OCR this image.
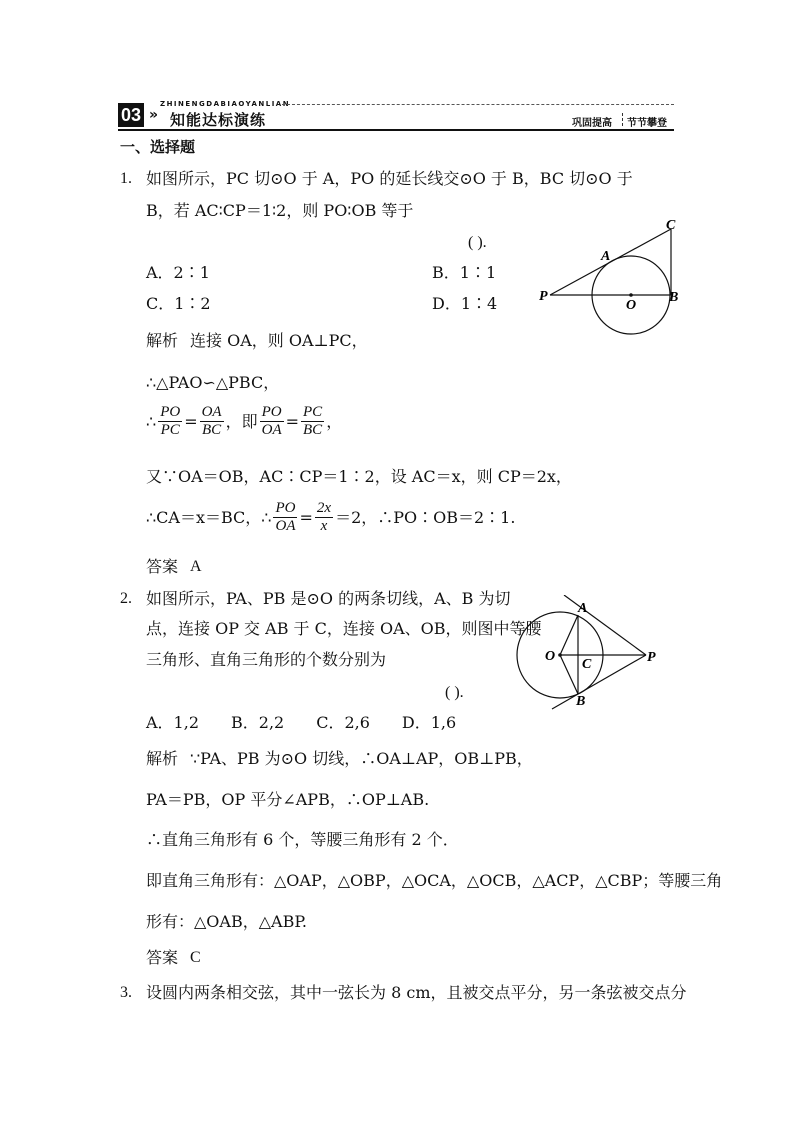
03 »
ZHINENGDABIAOYANLIAN
知能达标演练	巩固提高 节节攀登
一、选择题
1. 如图所示，PC 切⊙O 于 A，PO 的延长线交⊙O 于 B，BC 切⊙O 于
B，若 AC∶CP＝1∶2，则 PO∶OB 等于
( ).
A．2∶1	B．1∶1
C．1∶2	D．1∶4
C
A
P
O
B
解析 连接 OA，则 OA⊥PC，
∴△PAO∽△PBC，
∴ $\frac{PO}{PC} = \frac{OA}{BC}$ ，即 $\frac{PO}{OA} = \frac{PC}{BC}$ ，
又∵OA＝OB，AC∶CP＝1∶2，设 AC＝x，则 CP＝2x，
∴CA＝x＝BC，∴ $\frac{PO}{OA} = \frac{2x}{x} =2$，∴PO∶OB＝2∶1.
答案 A
2. 如图所示，PA、PB 是⊙O 的两条切线，A、B 为切
点，连接 OP 交 AB 于 C，连接 OA、OB，则图中等腰
三角形、直角三角形的个数分别为
( ).
A．1,2　　B．2,2　　C．2,6　　D．1,6
A
O
C	P
B
解析 ∵PA、PB 为⊙O 切线，∴OA⊥AP，OB⊥PB，
PA＝PB，OP 平分∠APB，∴OP⊥AB.
∴直角三角形有 6 个，等腰三角形有 2 个．
即直角三角形有：△OAP，△OBP，△OCA，△OCB，△ACP，△CBP；等腰三角
形有：△OAB，△ABP.
答案 C
3. 设圆内两条相交弦，其中一弦长为 8 cm，且被交点平分，另一条弦被交点分
